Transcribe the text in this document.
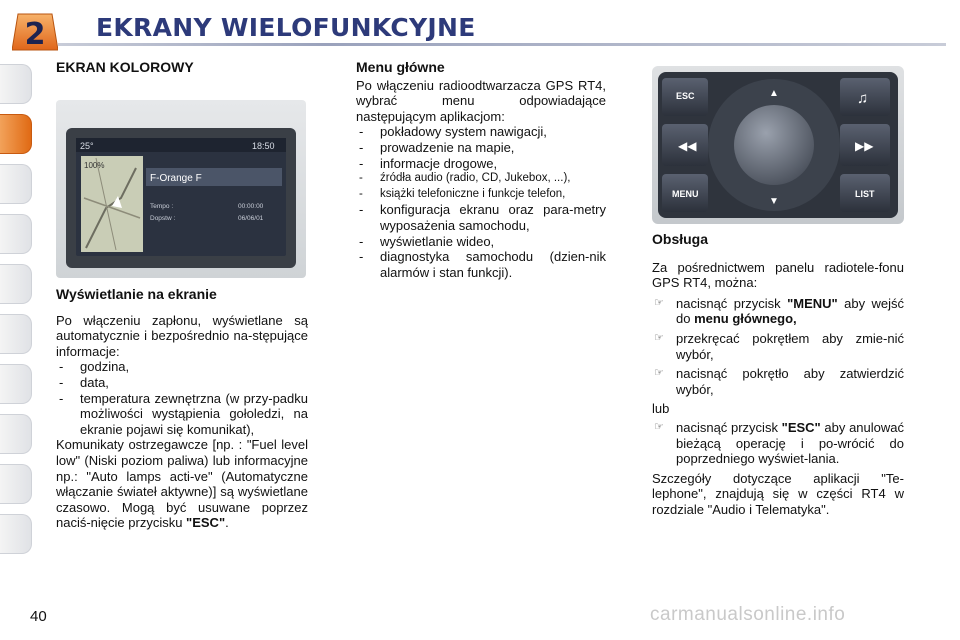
2 EKRANY WIELOFUNKCYJNE
EKRAN KOLOROWY
25°	18:50
100%
F-Orange F
Tempo :	00:00:00
Dopstw :	06/06/01
Wyświetlanie na ekranie

Po włączeniu zapłonu, wyświetlane są automatycznie i bezpośrednio na-stępujące informacje:

- godzina,
- data,
- temperatura zewnętrzna (w przy-padku możliwości wystąpienia gołoledzi, na ekranie pojawi się komunikat),

Komunikaty ostrzegawcze [np. : "Fuel level low" (Niski poziom paliwa) lub informacyjne np.: "Auto lamps acti-ve" (Automatyczne włączanie świateł aktywne)] są wyświetlane czasowo. Mogą być usuwane poprzez naciś-nięcie przycisku "ESC".

Menu główne

Po włączeniu radioodtwarzacza GPS RT4, wybrać menu odpowiadające następującym aplikacjom:

- pokładowy system nawigacji,
- prowadzenie na mapie,
- informacje drogowe,
- źródła audio (radio, CD, Jukebox, ...),
- książki telefoniczne i funkcje telefon,
- konfiguracja ekranu oraz para-metry wyposażenia samochodu,
- wyświetlanie wideo,
- diagnostyka samochodu (dzien-nik alarmów i stan funkcji).
ESC
◀◀
MENU
♫
▶▶
LIST
▲
▼
Obsługa

Za pośrednictwem panelu radiotele-fonu GPS RT4, można:

☞ nacisnąć przycisk "MENU" aby wejść do menu głównego,
☞ przekręcać pokrętłem aby zmie-nić wybór,
☞ nacisnąć pokrętło aby zatwierdzić wybór,

lub

☞ nacisnąć przycisk "ESC" aby anulować bieżącą operację i po-wrócić do poprzedniego wyświet-lania.

Szczegóły dotyczące aplikacji "Te-lephone", znajdują się w części RT4 w rozdziale "Audio i Telematyka".

40	carmanualsonline.info
